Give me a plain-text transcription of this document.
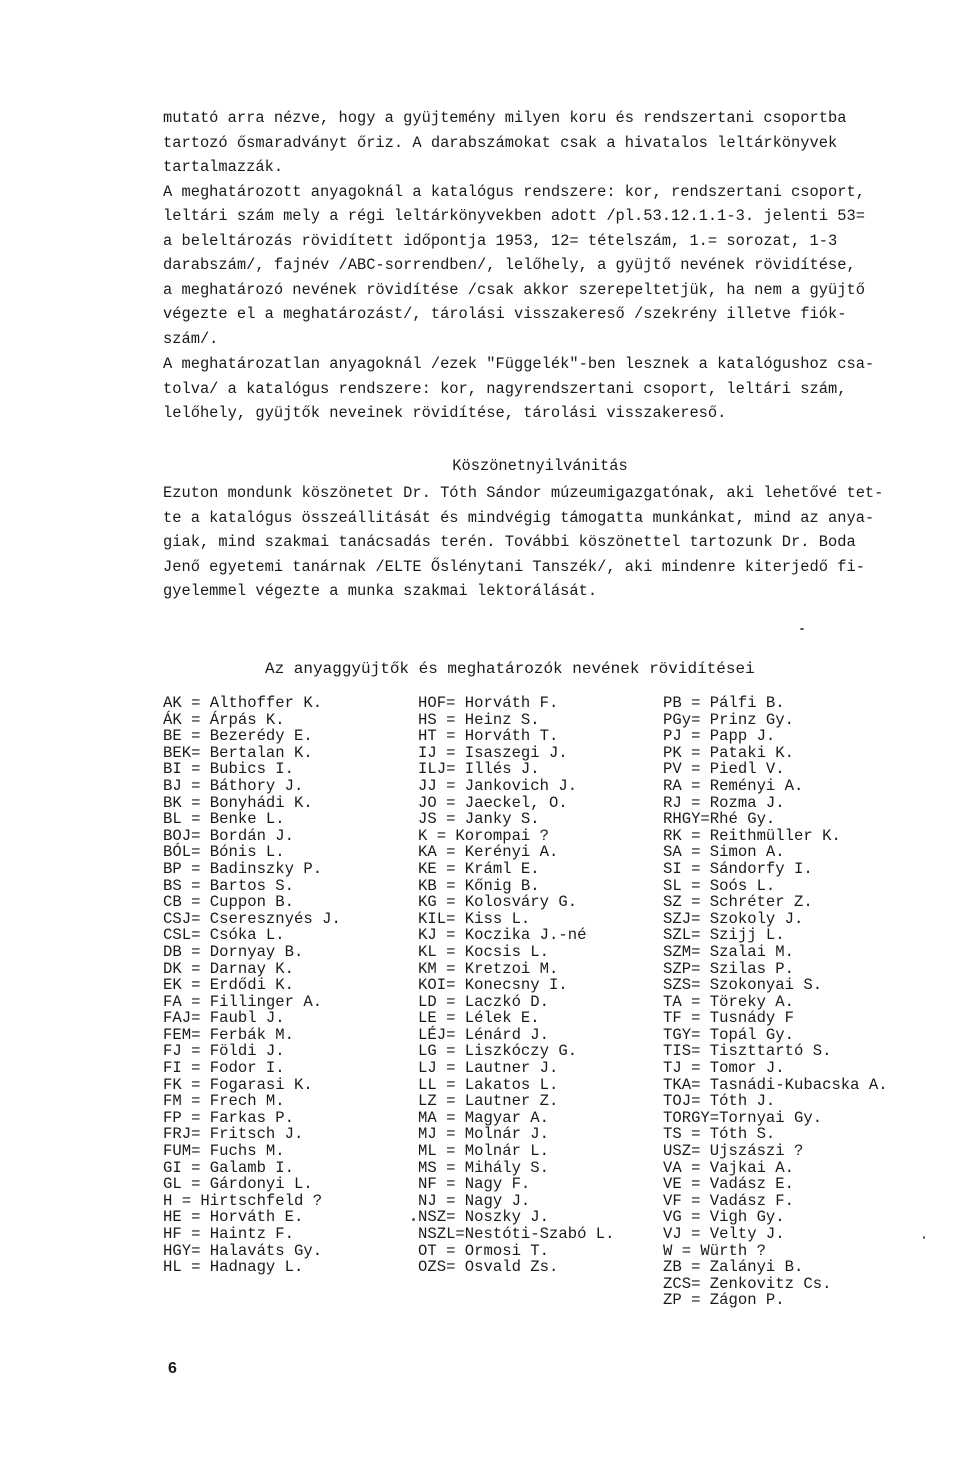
mutató arra nézve, hogy a gyüjtemény milyen koru és rendszertani csoportba
tartozó ősmaradványt őriz. A darabszámokat csak a hivatalos leltárkönyvek
tartalmazzák.
A meghatározott anyagoknál a katalógus rendszere: kor, rendszertani csoport,
leltári szám mely a régi leltárkönyvekben adott /pl.53.12.1.1-3. jelenti 53=
a beleltározás rövidített időpontja 1953, 12= tételszám, 1.= sorozat, 1-3
darabszám/, fajnév /ABC-sorrendben/, lelőhely, a gyüjtő nevének rövidítése,
a meghatározó nevének rövidítése /csak akkor szerepeltetjük, ha nem a gyüjtő
végezte el a meghatározást/, tárolási visszakereső /szekrény illetve fiók-
szám/.
A meghatározatlan anyagoknál /ezek "Függelék"-ben lesznek a katalógushoz csa-
tolva/ a katalógus rendszere: kor, nagyrendszertani csoport, leltári szám,
lelőhely, gyüjtők neveinek rövidítése, tárolási visszakereső.
Köszönetnyilvánitás
Ezuton mondunk köszönetet Dr. Tóth Sándor múzeumigazgatónak, aki lehetővé tet-
te a katalógus összeállitását és mindvégig támogatta munkánkat, mind az anya-
giak, mind szakmai tanácsadás terén. További köszönettel tartozunk Dr. Boda
Jenő egyetemi tanárnak /ELTE Őslénytani Tanszék/, aki mindenre kiterjedő fi-
gyelemmel végezte a munka szakmai lektorálását.
Az anyaggyüjtők és meghatározók nevének rövidítései
AK = Althoffer K.
ÁK = Árpás K.
BE = Bezerédy E.
BEK= Bertalan K.
BI = Bubics I.
BJ = Báthory J.
BK = Bonyhádi K.
BL = Benke L.
BOJ= Bordán J.
BÓL= Bónis L.
BP = Badinszky P.
BS = Bartos S.
CB = Cuppon B.
CSJ= Cseresznyés J.
CSL= Csóka L.
DB = Dornyay B.
DK = Darnay K.
EK = Erdődi K.
FA = Fillinger A.
FAJ= Faubl J.
FEM= Ferbák M.
FJ = Földi J.
FI = Fodor I.
FK = Fogarasi K.
FM = Frech M.
FP = Farkas P.
FRJ= Fritsch J.
FUM= Fuchs M.
GI = Galamb I.
GL = Gárdonyi L.
H = Hirtschfeld ?
HE = Horváth E.
HF = Haintz F.
HGY= Halaváts Gy.
HL = Hadnagy L.
HOF= Horváth F.
HS = Heinz S.
HT = Horváth T.
IJ = Isaszegi J.
ILJ= Illés J.
JJ = Jankovich J.
JO = Jaeckel, O.
JS = Janky S.
K = Korompai ?
KA = Kerényi A.
KE = Kráml E.
KB = Kőnig B.
KG = Kolosváry G.
KIL= Kiss L.
KJ = Koczika J.-né
KL = Kocsis L.
KM = Kretzoi M.
KOI= Konecsny I.
LD = Laczkó D.
LE = Lélek E.
LÉJ= Lénárd J.
LG = Liszkóczy G.
LJ = Lautner J.
LL = Lakatos L.
LZ = Lautner Z.
MA = Magyar A.
MJ = Molnár J.
ML = Molnár L.
MS = Mihály S.
NF = Nagy F.
NJ = Nagy J.
NSZ= Noszky J.
NSZL=Nestóti-Szabó L.
OT = Ormosi T.
OZS= Osvald Zs.
PB = Pálfi B.
PGy= Prinz Gy.
PJ = Papp J.
PK = Pataki K.
PV = Piedl V.
RA = Reményi A.
RJ = Rozma J.
RHGY=Rhé Gy.
RK = Reithmüller K.
SA = Simon A.
SI = Sándorfy I.
SL = Soós L.
SZ = Schréter Z.
SZJ= Szokoly J.
SZL= Szijj L.
SZM= Szalai M.
SZP= Szilas P.
SZS= Szokonyai S.
TA = Töreky A.
TF = Tusnády F
TGY= Topál Gy.
TIS= Tiszttartó S.
TJ = Tomor J.
TKA= Tasnádi-Kubacska A.
TOJ= Tóth J.
TORGY=Tornyai Gy.
TS = Tóth S.
USZ= Ujszászi ?
VA = Vajkai A.
VE = Vadász E.
VF = Vadász F.
VG = Vigh Gy.
VJ = Velty J.
W = Würth ?
ZB = Zalányi B.
ZCS= Zenkovitz Cs.
ZP = Zágon P.
6
